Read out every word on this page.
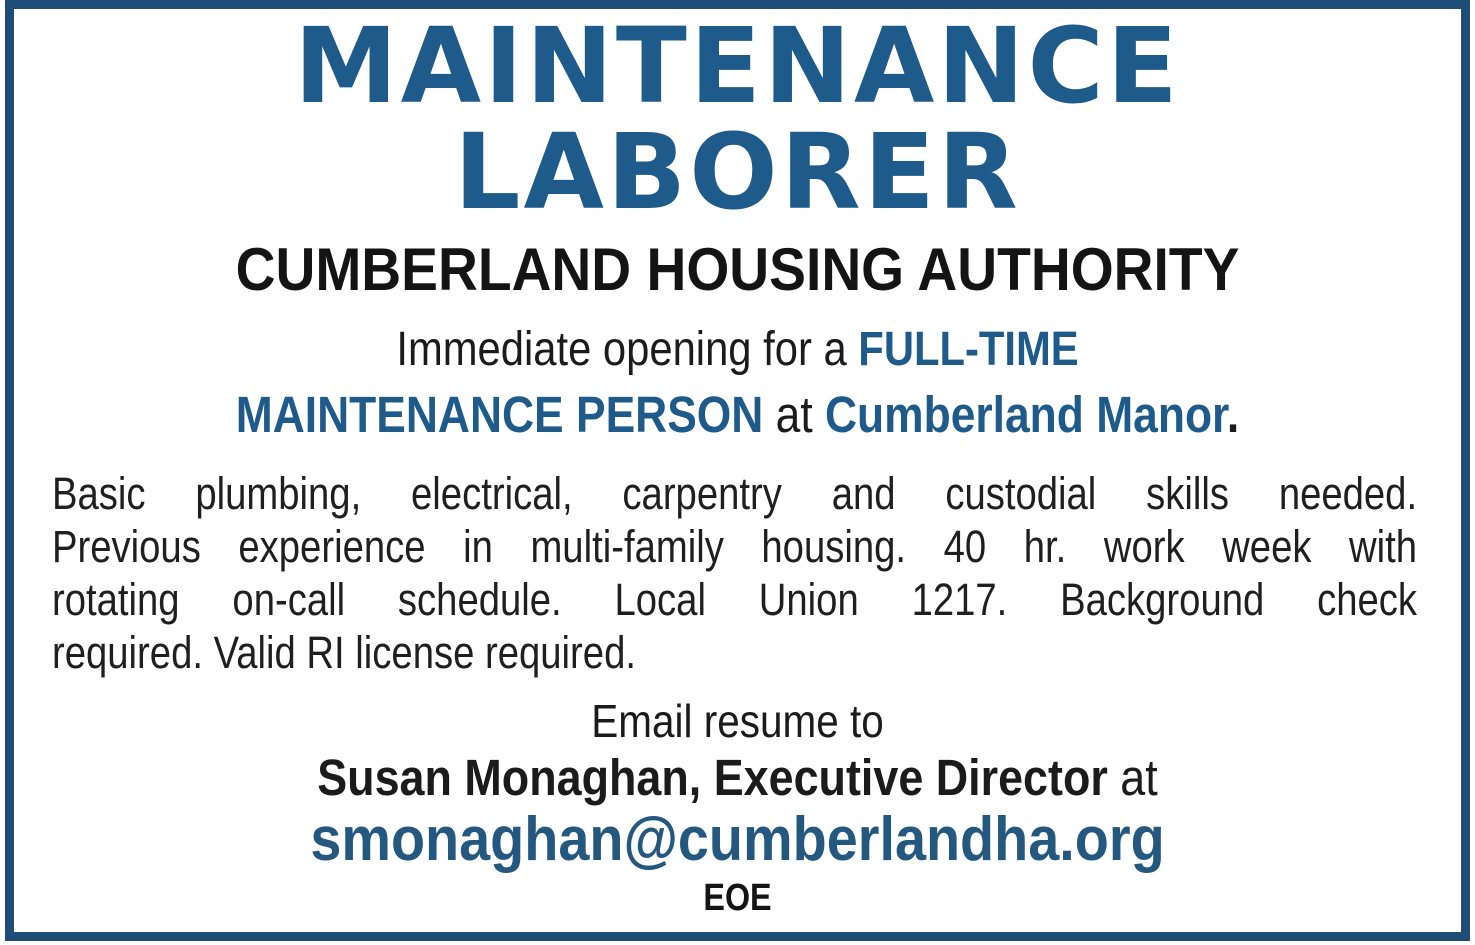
MAINTENANCE
LABORER
CUMBERLAND HOUSING AUTHORITY
Immediate opening for a FULL-TIME
MAINTENANCE PERSON at Cumberland Manor.
Basic plumbing, electrical, carpentry and custodial skills needed.
Previous experience in multi-family housing. 40 hr. work week with
rotating on-call schedule. Local Union 1217. Background check
required. Valid RI license required.
Email resume to
Susan Monaghan, Executive Director at
smonaghan@cumberlandha.org
EOE
